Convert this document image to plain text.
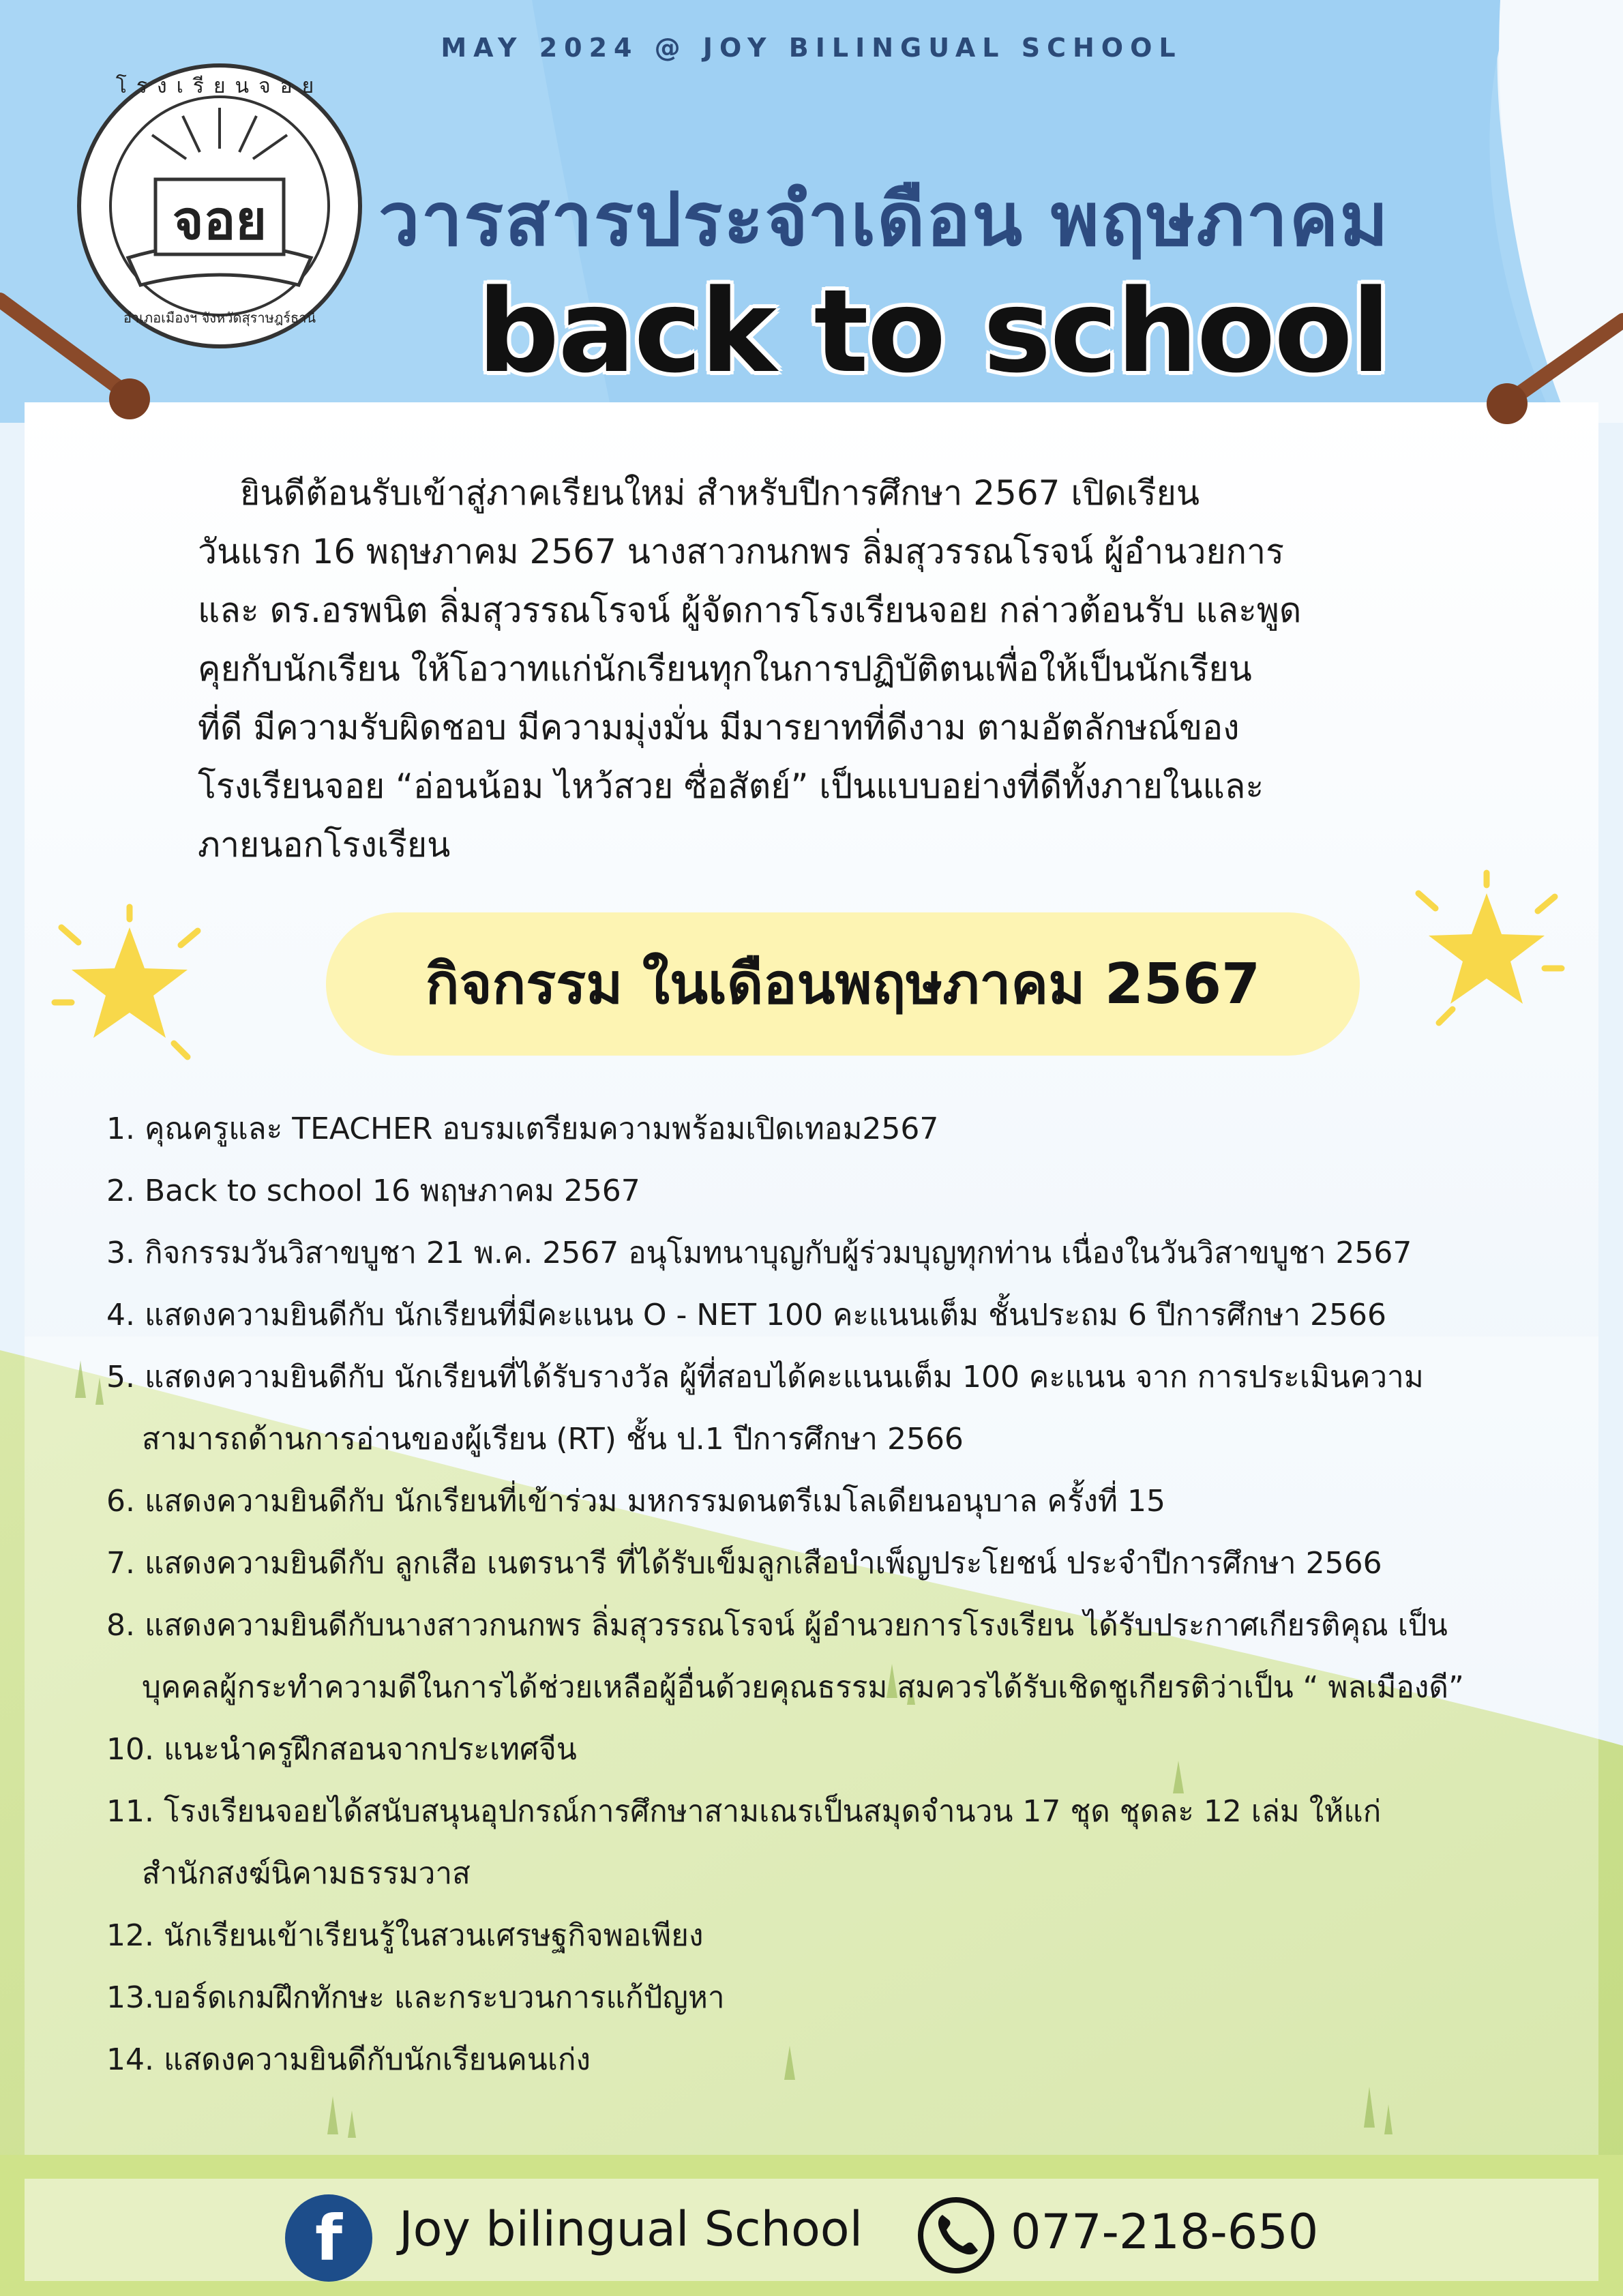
MAY 2024 @ JOY BILINGUAL SCHOOL
จอย
โรงเรียนจอย
อำเภอเมืองฯ จังหวัดสุราษฎร์ธานี
วารสารประจำเดือน พฤษภาคม
back to school

ยินดีต้อนรับเข้าสู่ภาคเรียนใหม่ สำหรับปีการศึกษา 2567 เปิดเรียน
วันแรก 16 พฤษภาคม 2567 นางสาวกนกพร ลิ่มสุวรรณโรจน์ ผู้อำนวยการ
และ ดร.อรพนิต ลิ่มสุวรรณโรจน์ ผู้จัดการโรงเรียนจอย กล่าวต้อนรับ และพูด
คุยกับนักเรียน ให้โอวาทแก่นักเรียนทุกในการปฏิบัติตนเพื่อให้เป็นนักเรียน
ที่ดี มีความรับผิดชอบ มีความมุ่งมั่น มีมารยาทที่ดีงาม ตามอัตลักษณ์ของ
โรงเรียนจอย “อ่อนน้อม ไหว้สวย ซื่อสัตย์” เป็นแบบอย่างที่ดีทั้งภายในและ
ภายนอกโรงเรียน

กิจกรรม ในเดือนพฤษภาคม 2567
1. คุณครูและ TEACHER อบรมเตรียมความพร้อมเปิดเทอม2567
2. Back to school 16 พฤษภาคม 2567
3. กิจกรรมวันวิสาขบูชา 21 พ.ค. 2567 อนุโมทนาบุญกับผู้ร่วมบุญทุกท่าน เนื่องในวันวิสาขบูชา 2567
4. แสดงความยินดีกับ นักเรียนที่มีคะแนน O - NET 100 คะแนนเต็ม ชั้นประถม 6 ปีการศึกษา 2566
5. แสดงความยินดีกับ นักเรียนที่ได้รับรางวัล ผู้ที่สอบได้คะแนนเต็ม 100 คะแนน จาก การประเมินความ
สามารถด้านการอ่านของผู้เรียน (RT) ชั้น ป.1 ปีการศึกษา 2566
6. แสดงความยินดีกับ นักเรียนที่เข้าร่วม มหกรรมดนตรีเมโลเดียนอนุบาล ครั้งที่ 15
7. แสดงความยินดีกับ ลูกเสือ เนตรนารี ที่ได้รับเข็มลูกเสือบำเพ็ญประโยชน์ ประจำปีการศึกษา 2566
8. แสดงความยินดีกับนางสาวกนกพร ลิ่มสุวรรณโรจน์ ผู้อำนวยการโรงเรียน ได้รับประกาศเกียรติคุณ เป็น
บุคคลผู้กระทำความดีในการได้ช่วยเหลือผู้อื่นด้วยคุณธรรม สมควรได้รับเชิดชูเกียรติว่าเป็น “ พลเมืองดี”
10. แนะนำครูฝึกสอนจากประเทศจีน
11. โรงเรียนจอยได้สนับสนุนอุปกรณ์การศึกษาสามเณรเป็นสมุดจำนวน 17 ชุด ชุดละ 12 เล่ม ให้แก่
สำนักสงฆ์นิคามธรรมวาส
12. นักเรียนเข้าเรียนรู้ในสวนเศรษฐกิจพอเพียง
13.บอร์ดเกมฝึกทักษะ และกระบวนการแก้ปัญหา
14. แสดงความยินดีกับนักเรียนคนเก่ง
f Joy bilingual School	077-218-650
